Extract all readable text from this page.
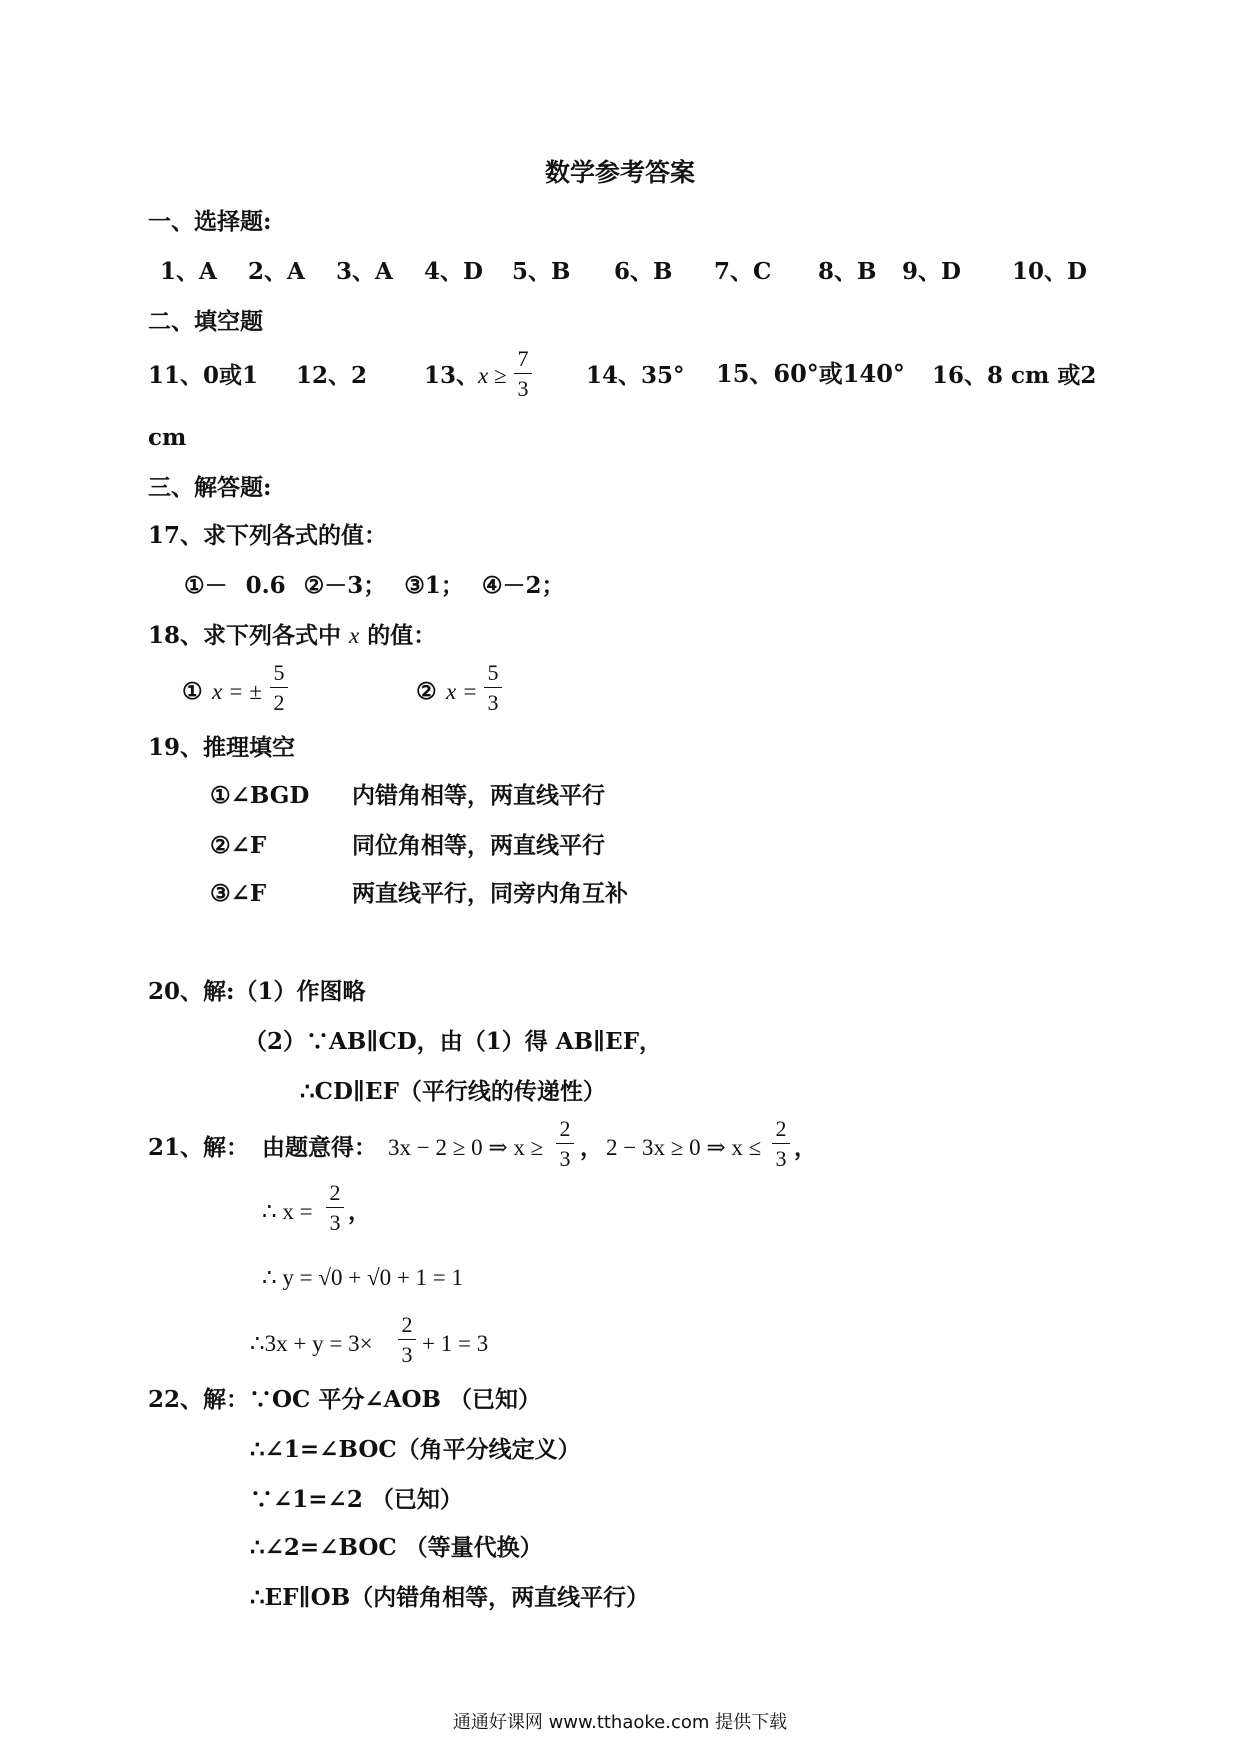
数学参考答案
一、选择题:
1、A 2、A 3、A 4、D 5、B 6、B 7、C 8、B 9、D 10、D
二、填空题
11、0或1 12、2 13、
x ≥
7
3	14、35° 15、60°或140° 16、8 cm 或2
cm
三、解答题:
17、求下列各式的值：
①－ 0.6 ②－3； ③1； ④－2；
18、求下列各式中 x 的值：
① x = ±
5
2	② x =
5
3
19、推理填空
①∠BGD 内错角相等，两直线平行
②∠F	同位角相等，两直线平行
③∠F	两直线平行，同旁内角互补
20、解:（1）作图略
（2）∵AB∥CD，由（1）得 AB∥EF，
∴CD∥EF（平行线的传递性）
21、解： 由题意得： 3x − 2 ≥ 0 ⇒ x ≥
2
3 ， 2 − 3x ≥ 0 ⇒ x ≤
2
3 ，
∴ x =
2
3 ，
∴ y = √0 + √0 + 1 = 1
∴3x + y = 3×
2
3 + 1 = 3
22、解：∵OC 平分∠AOB （已知）
∴∠1=∠BOC（角平分线定义）
∵∠1=∠2 （已知）
∴∠2=∠BOC （等量代换）
∴EF∥OB（内错角相等，两直线平行）
通通好课网 www.tthaoke.com 提供下载
